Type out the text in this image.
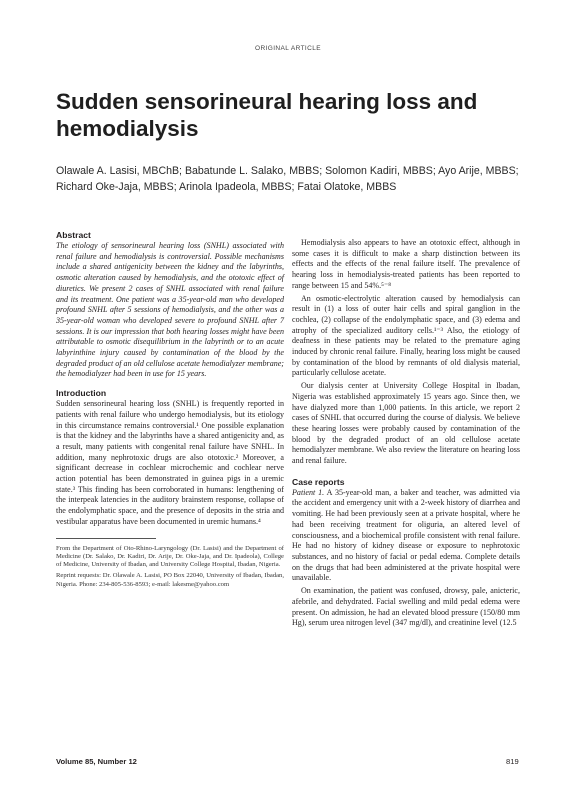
ORIGINAL ARTICLE
Sudden sensorineural hearing loss and hemodialysis
Olawale A. Lasisi, MBChB; Babatunde L. Salako, MBBS; Solomon Kadiri, MBBS; Ayo Arije, MBBS; Richard Oke-Jaja, MBBS; Arinola Ipadeola, MBBS; Fatai Olatoke, MBBS

Abstract

The etiology of sensorineural hearing loss (SNHL) associated with renal failure and hemodialysis is controversial. Possible mechanisms include a shared antigenicity between the kidney and the labyrinths, osmotic alteration caused by hemodialysis, and the ototoxic effect of diuretics. We present 2 cases of SNHL associated with renal failure and its treatment. One patient was a 35-year-old man who developed profound SNHL after 5 sessions of hemodialysis, and the other was a 35-year-old woman who developed severe to profound SNHL after 7 sessions. It is our impression that both hearing losses might have been attributable to osmotic disequilibrium in the labyrinth or to an acute labyrinthine injury caused by contamination of the blood by the degraded product of an old cellulose acetate hemodialyzer membrane; the hemodialyzer had been in use for 15 years.

Introduction

Sudden sensorineural hearing loss (SNHL) is frequently reported in patients with renal failure who undergo hemodialysis, but its etiology in this circumstance remains controversial.¹ One possible explanation is that the kidney and the labyrinths have a shared antigenicity and, as a result, many patients with congenital renal failure have SNHL. In addition, many nephrotoxic drugs are also ototoxic.² Moreover, a significant decrease in cochlear microchemic and cochlear nerve action potential has been demonstrated in guinea pigs in a uremic state.³ This finding has been corroborated in humans: lengthening of the interpeak latencies in the auditory brainstem response, collapse of the endolymphatic space, and the presence of deposits in the stria and vestibular apparatus have been documented in uremic humans.⁴

From the Department of Oto-Rhino-Laryngology (Dr. Lasisi) and the Department of Medicine (Dr. Salako, Dr. Kadiri, Dr. Arije, Dr. Oke-Jaja, and Dr. Ipadeola), College of Medicine, University of Ibadan, and University College Hospital, Ibadan, Nigeria.

Reprint requests: Dr. Olawale A. Lasisi, PO Box 22040, University of Ibadan, Ibadan, Nigeria. Phone: 234-805-536-8593; e-mail: lakesme@yahoo.com

Hemodialysis also appears to have an ototoxic effect, although in some cases it is difficult to make a sharp distinction between its effects and the effects of the renal failure itself. The prevalence of hearing loss in hemodialysis-treated patients has been reported to range between 15 and 54%.⁵⁻⁸

An osmotic-electrolytic alteration caused by hemodialysis can result in (1) a loss of outer hair cells and spiral ganglion in the cochlea, (2) collapse of the endolymphatic space, and (3) edema and atrophy of the specialized auditory cells.¹⁻³ Also, the etiology of deafness in these patients may be related to the premature aging induced by chronic renal failure. Finally, hearing loss might be caused by contamination of the blood by remnants of old dialysis material, particularly cellulose acetate.

Our dialysis center at University College Hospital in Ibadan, Nigeria was established approximately 15 years ago. Since then, we have dialyzed more than 1,000 patients. In this article, we report 2 cases of SNHL that occurred during the course of dialysis. We believe these hearing losses were probably caused by contamination of the blood by the degraded product of an old cellulose acetate hemodialyzer membrane. We also review the literature on hearing loss and renal failure.

Case reports

Patient 1. A 35-year-old man, a baker and teacher, was admitted via the accident and emergency unit with a 2-week history of diarrhea and vomiting. He had been previously seen at a private hospital, where he had been receiving treatment for oliguria, an altered level of consciousness, and a biochemical profile consistent with renal failure. He had no history of kidney disease or exposure to nephrotoxic substances, and no history of facial or pedal edema. Complete details on the drugs that had been administered at the private hospital were unavailable.

On examination, the patient was confused, drowsy, pale, anicteric, afebrile, and dehydrated. Facial swelling and mild pedal edema were present. On admission, he had an elevated blood pressure (150/80 mm Hg), serum urea nitrogen level (347 mg/dl), and creatinine level (12.5

Volume 85, Number 12	819
